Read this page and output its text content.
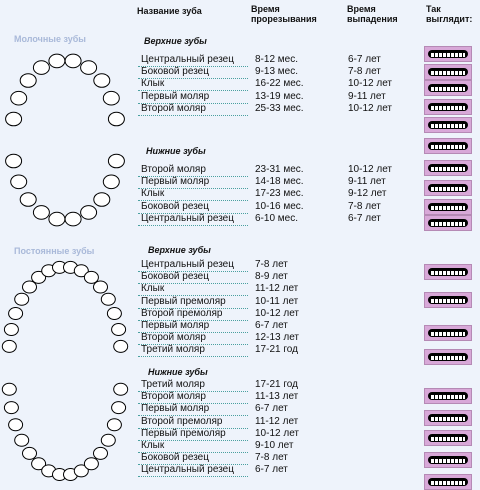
Название зуба	Время
прорезывания
Время
выпадения
Так
выглядит:
Молочные зубы	Верхние зубы
Нижние зубы
Постоянные зубы	Верхние зубы
Нижние зубы
Центральный резец 8-12 мес.	6-7 лет
Боковой резец	9-13 мес.	7-8 лет
Клык	16-22 мес.	10-12 лет
Первый моляр	13-19 мес.	9-11 лет
Второй моляр	25-33 мес.	10-12 лет
Второй моляр	23-31 мес.	10-12 лет
Первый моляр	14-18 мес.	9-11 лет
Клык	17-23 мес.	9-12 лет
Боковой резец	10-16 мес.	7-8 лет
Центральный резец 6-10 мес.	6-7 лет
Центральный резец 7-8 лет
Боковой резец	8-9 лет
Клык	11-12 лет
Первый премоляр	10-11 лет
Второй премоляр	10-12 лет
Первый моляр	6-7 лет
Второй моляр	12-13 лет
Третий моляр	17-21 год
Третий моляр	17-21 год
Второй моляр	11-13 лет
Первый моляр	6-7 лет
Второй премоляр	11-12 лет
Первый премоляр	10-12 лет
Клык	9-10 лет
Боковой резец	7-8 лет
Центральный резец 6-7 лет
